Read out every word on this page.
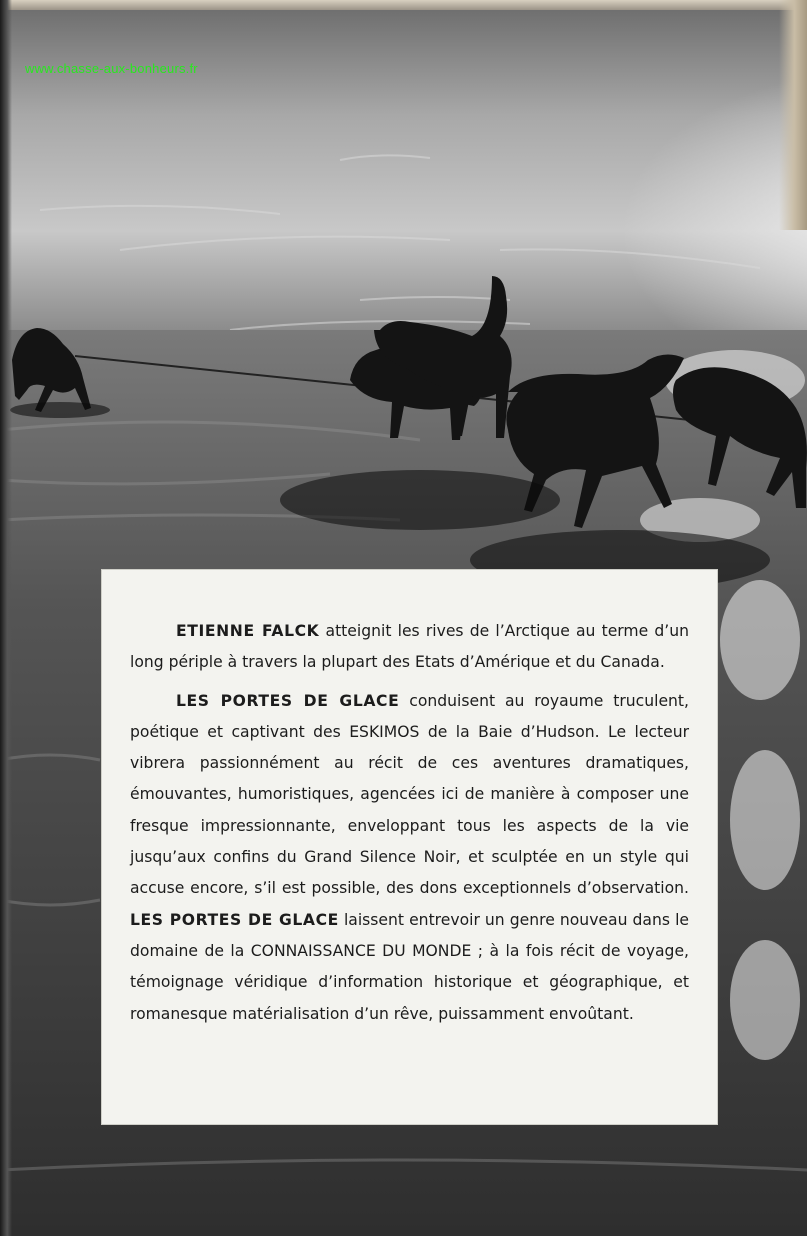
www.chasse-aux-bonheurs.fr

ETIENNE FALCK atteignit les rives de l’Arctique au terme d’un long périple à travers la plupart des Etats d’Amérique et du Canada.

LES PORTES DE GLACE conduisent au royaume truculent, poétique et captivant des ESKIMOS de la Baie d’Hudson. Le lecteur vibrera passionnément au récit de ces aventures dramatiques, émouvantes, humoristiques, agencées ici de manière à composer une fresque impressionnante, enveloppant tous les aspects de la vie jusqu’aux confins du Grand Silence Noir, et sculptée en un style qui accuse encore, s’il est possible, des dons exceptionnels d’observation. LES PORTES DE GLACE laissent entrevoir un genre nouveau dans le domaine de la CONNAISSANCE DU MONDE ; à la fois récit de voyage, témoignage véridique d’information historique et géographique, et romanesque matérialisation d’un rêve, puissamment envoûtant.
